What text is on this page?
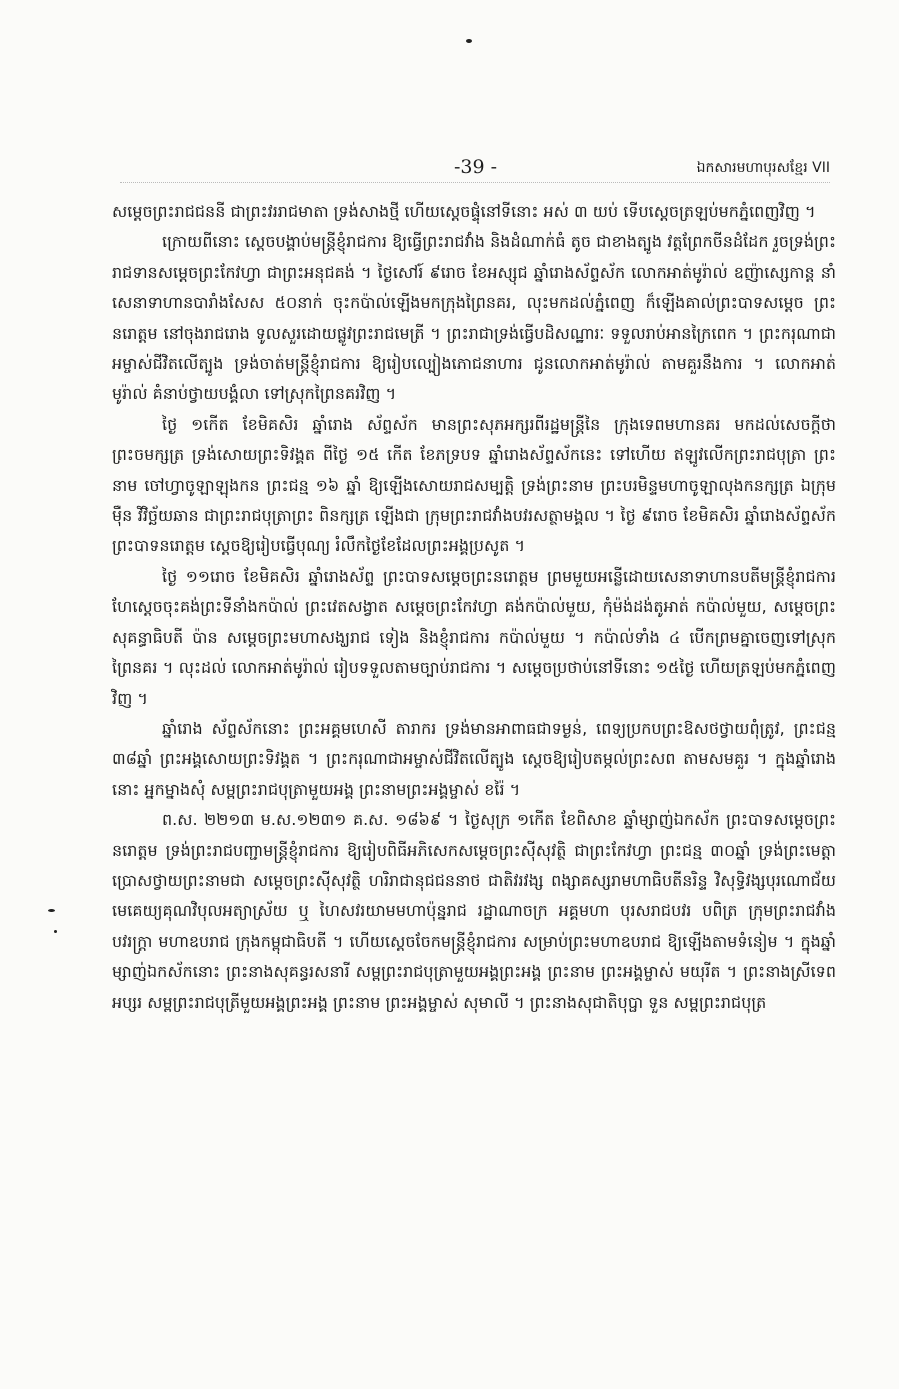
-39 -	ឯកសារមហាបុរសខ្មែរ VII

សម្តេចព្រះរាជជននី ជាព្រះវររាជមាតា ទ្រង់សាងថ្មី ហើយស្តេចផ្ទុំនៅទីនោះ អស់ ៣ យប់ ទើបស្តេចត្រឡប់មកភ្នំពេញវិញ ។

ក្រោយពីនោះ ស្តេចបង្គាប់មន្ត្រីខ្ញុំរាជការ ឱ្យធ្វើព្រះរាជវាំង និងដំណាក់ធំ តូច ជាខាងត្បូង វត្តព្រែកចីនដំដែក រួចទ្រង់ព្រះរាជទានសម្តេចព្រះកែវហ្វា ជាព្រះអនុជគង់ ។ ថ្ងៃសៅរ៍ ៩រោច ខែអស្សុជ ឆ្នាំរោងស័ព្ទស័ក លោកអាត់មូរ៉ាល់ ឧញ៉ាស្សេកាន្ត នាំសេនាទាហានបារាំងសែស ៥០នាក់ ចុះកប៉ាល់ឡើងមកក្រុងព្រៃនគរ, លុះមកដល់ភ្នំពេញ ក៏ឡើងគាល់ព្រះបាទសម្តេច ព្រះនរោត្តម នៅចុងរាជរោង ទូលសួរដោយផ្លូវព្រះរាជមេត្រី ។ ព្រះរាជាទ្រង់ធ្វើបដិសណ្ឋារៈ ទទួលរាប់អានក្រៃពេក ។ ព្រះករុណាជាអម្ចាស់ជីវិតលើត្បូង ទ្រង់ចាត់មន្ត្រីខ្ញុំរាជការ ឱ្យរៀបល្បៀងភោជនាហារ ជូនលោកអាត់មូរ៉ាល់ តាមគួរនឹងការ ។ លោកអាត់មូរ៉ាល់ គំនាប់ថ្វាយបង្គំលា ទៅស្រុកព្រៃនគរវិញ ។

ថ្ងៃ ១កើត ខែមិគសិរ ឆ្នាំរោង ស័ព្ទស័ក មានព្រះសុភអក្សរពីរដ្ឋមន្ត្រីនៃ ក្រុងទេពមហានគរ មកដល់សេចក្តីថា ព្រះចមក្សត្រ ទ្រង់សោយព្រះទិវង្គត ពីថ្ងៃ ១៥ កើត ខែភទ្របទ ឆ្នាំរោងស័ព្ទស័កនេះ ទៅហើយ ឥឡូវលើកព្រះរាជបុត្រា ព្រះនាម ចៅហ្វាចូឡាឡុងកន ព្រះជន្ម ១៦ ឆ្នាំ ឱ្យឡើងសោយរាជសម្បត្តិ ទ្រង់ព្រះនាម ព្រះបរមិន្ទមហាចូឡាលុងកនក្សត្រ ឯក្រុមម៉ឺន វិវិច្ឆ័យឆាន ជាព្រះរាជបុត្រាព្រះ ពិនក្សត្រ ឡើងជា ក្រុមព្រះរាជវាំងបវរសត្ថាមង្គល ។ ថ្ងៃ ៩រោច ខែមិគសិរ ឆ្នាំរោងស័ព្ទស័ក ព្រះបាទនរោត្តម ស្តេចឱ្យរៀបធ្វើបុណ្យ រំលឹកថ្ងៃខែដែលព្រះអង្គប្រសូត ។

ថ្ងៃ ១១រោច ខែមិគសិរ ឆ្នាំរោងស័ព្ទ ព្រះបាទសម្តេចព្រះនរោត្តម ព្រមមួយអន្លើដោយសេនាទាហានបតីមន្ត្រីខ្ញុំរាជការ ហែស្តេចចុះគង់ព្រះទីនាំងកប៉ាល់ ព្រះវេតសង្វាត សម្តេចព្រះកែវហ្វា គង់កប៉ាល់មួយ, កុំម៉ង់ដង់តូអាត់ កប៉ាល់មួយ, សម្តេចព្រះសុគន្ធាធិបតី ប៉ាន សម្តេចព្រះមហាសង្ឃរាជ ទៀង និងខ្ញុំរាជការ កប៉ាល់មួយ ។ កប៉ាល់ទាំង ៤ បើកព្រមគ្នាចេញទៅស្រុកព្រៃនគរ ។ លុះដល់ លោកអាត់មូរ៉ាល់ រៀបទទួលតាមច្បាប់រាជការ ។ សម្តេចប្រថាប់នៅទីនោះ ១៥ថ្ងៃ ហើយត្រឡប់មកភ្នំពេញវិញ ។

ឆ្នាំរោង ស័ព្ទស័កនោះ ព្រះអគ្គមហេសី តារាករ ទ្រង់មានអាពាធជាទម្ងន់, ពេទ្យប្រកបព្រះឱសថថ្វាយពុំត្រូវ, ព្រះជន្ម ៣៨ឆ្នាំ ព្រះអង្គសោយព្រះទិវង្គត ។ ព្រះករុណាជាអម្ចាស់ជីវិតលើត្បូង ស្តេចឱ្យរៀបតម្កល់ព្រះសព តាមសមគួរ ។ ក្នុងឆ្នាំរោងនោះ អ្នកម្នាងសុំ សម្ពព្រះរាជបុត្រាមួយអង្គ ព្រះនាមព្រះអង្គម្ចាស់ ខរ៉ៃ ។

ព.ស. ២២១៣ ម.ស.១២៣១ គ.ស. ១៨៦៩ ។ ថ្ងៃសុក្រ ១កើត ខែពិសាខ ឆ្នាំម្សាញ់ឯកស័ក ព្រះបាទសម្តេចព្រះនរោត្តម ទ្រង់ព្រះរាជបញ្ជាមន្ត្រីខ្ញុំរាជការ ឱ្យរៀបពិធីអភិសេកសម្តេចព្រះស៊ីសុវត្ថិ ជាព្រះកែវហ្វា ព្រះជន្ម ៣០ឆ្នាំ ទ្រង់ព្រះមេត្តាប្រោសថ្វាយព្រះនាមជា សម្តេចព្រះស៊ីសុវត្ថិ ហរិរាជានុជជននាថ ជាតិវរវង្ស ពង្សាគស្សរាមហាធិបតីនរិន្ទ វិសុទ្ធិវង្សបុរណោជ័យ មេគេយ្យគុណវិបុលអត្យាស្រ័យ ឬ ហៃសវរយាមមហាប៉ុន្នរាជ រដ្ឋាណាចក្រ អគ្គមហា បុរសរាជបវរ បពិត្រ ក្រុមព្រះរាជវាំង បវរក្ត្រា មហាឧបរាជ ក្រុងកម្ពុជាធិបតី ។ ហើយស្តេចចែកមន្ត្រីខ្ញុំរាជការ សម្រាប់ព្រះមហាឧបរាជ ឱ្យឡើងតាមទំនៀម ។ ក្នុងឆ្នាំម្សាញ់ឯកស័កនោះ ព្រះនាងសុគន្ធរសនារី សម្ពព្រះរាជបុត្រាមួយអង្គព្រះអង្គ ព្រះនាម ព្រះអង្គម្ចាស់ មយុរីត ។ ព្រះនាងស្រីទេពអប្សរ សម្ពព្រះរាជបុត្រីមួយអង្គព្រះអង្គ ព្រះនាម ព្រះអង្គម្ចាស់ សុមាលី ។ ព្រះនាងសុជាតិបុប្ផា ទួន សម្ពព្រះរាជបុត្រ
